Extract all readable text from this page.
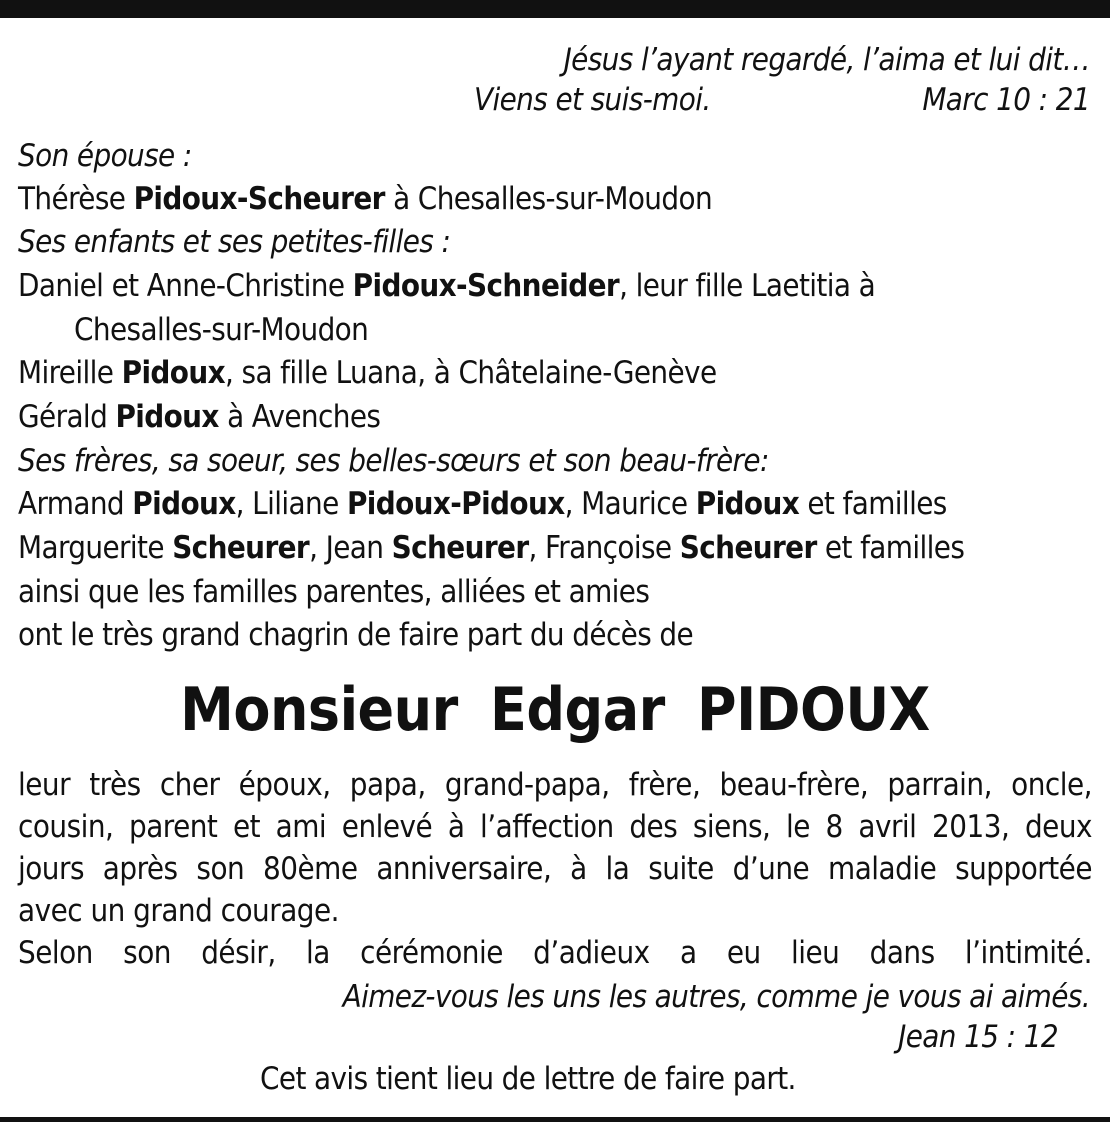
Jésus l’ayant regardé, l’aima et lui dit…
Viens et suis-moi.	Marc 10 : 21
Son épouse :
Thérèse Pidoux-Scheurer à Chesalles-sur-Moudon
Ses enfants et ses petites-filles :
Daniel et Anne-Christine Pidoux-Schneider, leur fille Laetitia à
Chesalles-sur-Moudon
Mireille Pidoux, sa fille Luana, à Châtelaine-Genève
Gérald Pidoux à Avenches
Ses frères, sa soeur, ses belles-sœurs et son beau-frère:
Armand Pidoux, Liliane Pidoux-Pidoux, Maurice Pidoux et familles
Marguerite Scheurer, Jean Scheurer, Françoise Scheurer et familles
ainsi que les familles parentes, alliées et amies
ont le très grand chagrin de faire part du décès de
Monsieur Edgar PIDOUX
leur très cher époux, papa, grand-papa, frère, beau-frère, parrain, oncle,
cousin, parent et ami enlevé à l’affection des siens, le 8 avril 2013, deux
jours après son 80ème anniversaire, à la suite d’une maladie supportée
avec un grand courage.
Selon son désir, la cérémonie d’adieux a eu lieu dans l’intimité.
Aimez-vous les uns les autres, comme je vous ai aimés.
Jean 15 : 12
Cet avis tient lieu de lettre de faire part.
